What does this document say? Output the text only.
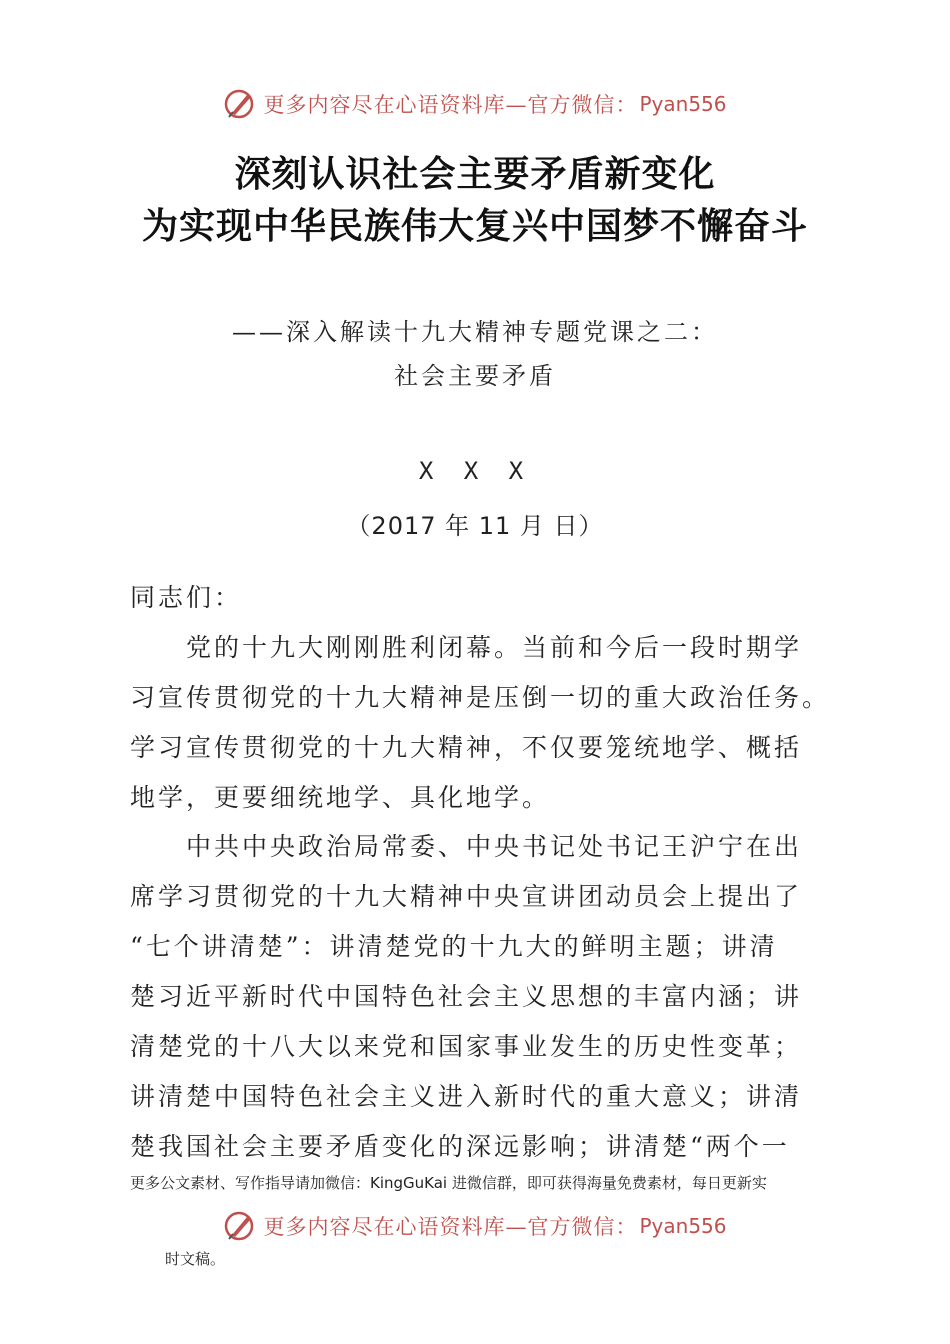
更多内容尽在心语资料库—官方微信： Pyan556
深刻认识社会主要矛盾新变化
为实现中华民族伟大复兴中国梦不懈奋斗
——深入解读十九大精神专题党课之二：
社会主要矛盾
X X X
（2017 年 11 月 日）
同志们：
　　党的十九大刚刚胜利闭幕。当前和今后一段时期学
习宣传贯彻党的十九大精神是压倒一切的重大政治任务。
学习宣传贯彻党的十九大精神，不仅要笼统地学、概括
地学，更要细统地学、具化地学。
　　中共中央政治局常委、中央书记处书记王沪宁在出
席学习贯彻党的十九大精神中央宣讲团动员会上提出了
“七个讲清楚”：讲清楚党的十九大的鲜明主题；讲清
楚习近平新时代中国特色社会主义思想的丰富内涵；讲
清楚党的十八大以来党和国家事业发生的历史性变革；
讲清楚中国特色社会主义进入新时代的重大意义；讲清
楚我国社会主要矛盾变化的深远影响；讲清楚“两个一
更多公文素材、写作指导请加微信：KingGuKai 进微信群，即可获得海量免费素材，每日更新实
更多内容尽在心语资料库—官方微信： Pyan556
时文稿。
